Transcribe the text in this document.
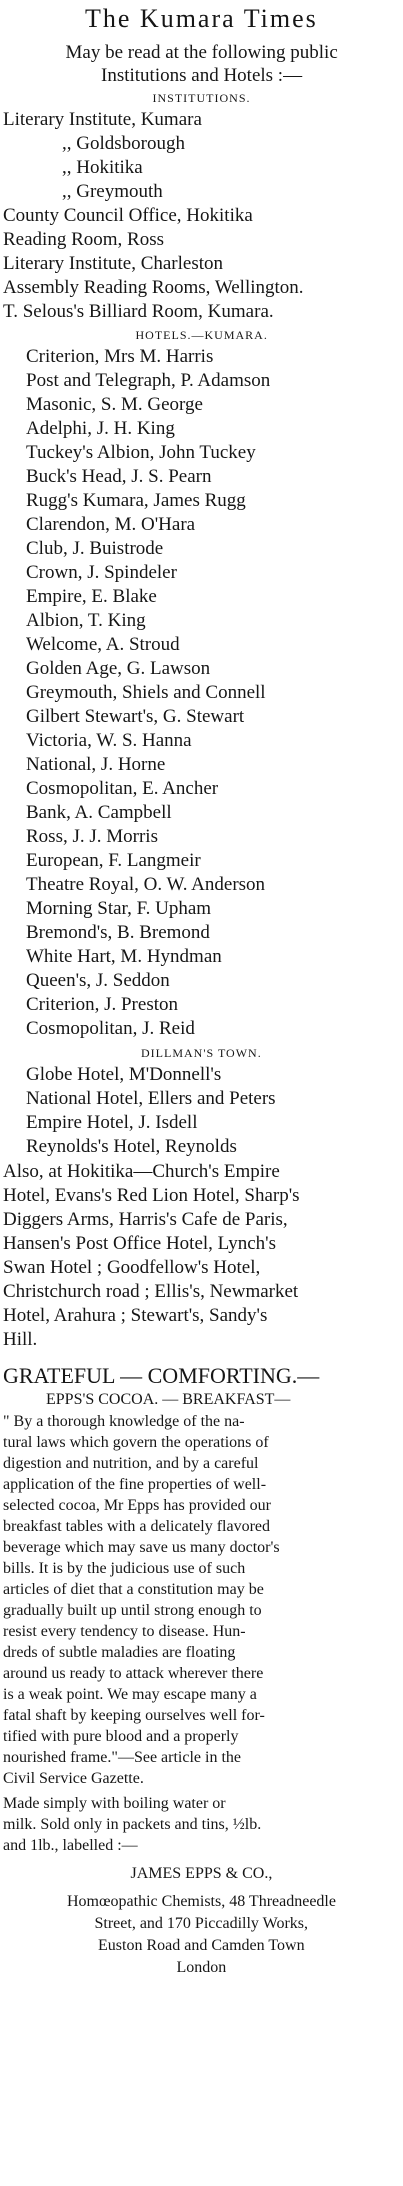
The Kumara Times
May be read at the following public
Institutions and Hotels :—
INSTITUTIONS.
Literary Institute, Kumara
,, Goldsborough
,, Hokitika
,, Greymouth
County Council Office, Hokitika
Reading Room, Ross
Literary Institute, Charleston
Assembly Reading Rooms, Wellington.
T. Selous's Billiard Room, Kumara.
HOTELS.—KUMARA.
Criterion, Mrs M. Harris
Post and Telegraph, P. Adamson
Masonic, S. M. George
Adelphi, J. H. King
Tuckey's Albion, John Tuckey
Buck's Head, J. S. Pearn
Rugg's Kumara, James Rugg
Clarendon, M. O'Hara
Club, J. Buistrode
Crown, J. Spindeler
Empire, E. Blake
Albion, T. King
Welcome, A. Stroud
Golden Age, G. Lawson
Greymouth, Shiels and Connell
Gilbert Stewart's, G. Stewart
Victoria, W. S. Hanna
National, J. Horne
Cosmopolitan, E. Ancher
Bank, A. Campbell
Ross, J. J. Morris
European, F. Langmeir
Theatre Royal, O. W. Anderson
Morning Star, F. Upham
Bremond's, B. Bremond
White Hart, M. Hyndman
Queen's, J. Seddon
Criterion, J. Preston
Cosmopolitan, J. Reid
DILLMAN'S TOWN.
Globe Hotel, M'Donnell's
National Hotel, Ellers and Peters
Empire Hotel, J. Isdell
Reynolds's Hotel, Reynolds
Also, at Hokitika—Church's Empire
Hotel, Evans's Red Lion Hotel, Sharp's
Diggers Arms, Harris's Cafe de Paris,
Hansen's Post Office Hotel, Lynch's
Swan Hotel ; Goodfellow's Hotel,
Christchurch road ; Ellis's, Newmarket
Hotel, Arahura ; Stewart's, Sandy's
Hill.
GRATEFUL — COMFORTING.—
EPPS'S COCOA. — BREAKFAST—
" By a thorough knowledge of the na-
tural laws which govern the operations of
digestion and nutrition, and by a careful
application of the fine properties of well-
selected cocoa, Mr Epps has provided our
breakfast tables with a delicately flavored
beverage which may save us many doctor's
bills. It is by the judicious use of such
articles of diet that a constitution may be
gradually built up until strong enough to
resist every tendency to disease. Hun-
dreds of subtle maladies are floating
around us ready to attack wherever there
is a weak point. We may escape many a
fatal shaft by keeping ourselves well for-
tified with pure blood and a properly
nourished frame."—See article in the
Civil Service Gazette.
Made simply with boiling water or
milk. Sold only in packets and tins, ½lb.
and 1lb., labelled :—
JAMES EPPS & CO.,
Homœopathic Chemists, 48 Threadneedle
Street, and 170 Piccadilly Works,
Euston Road and Camden Town
London
